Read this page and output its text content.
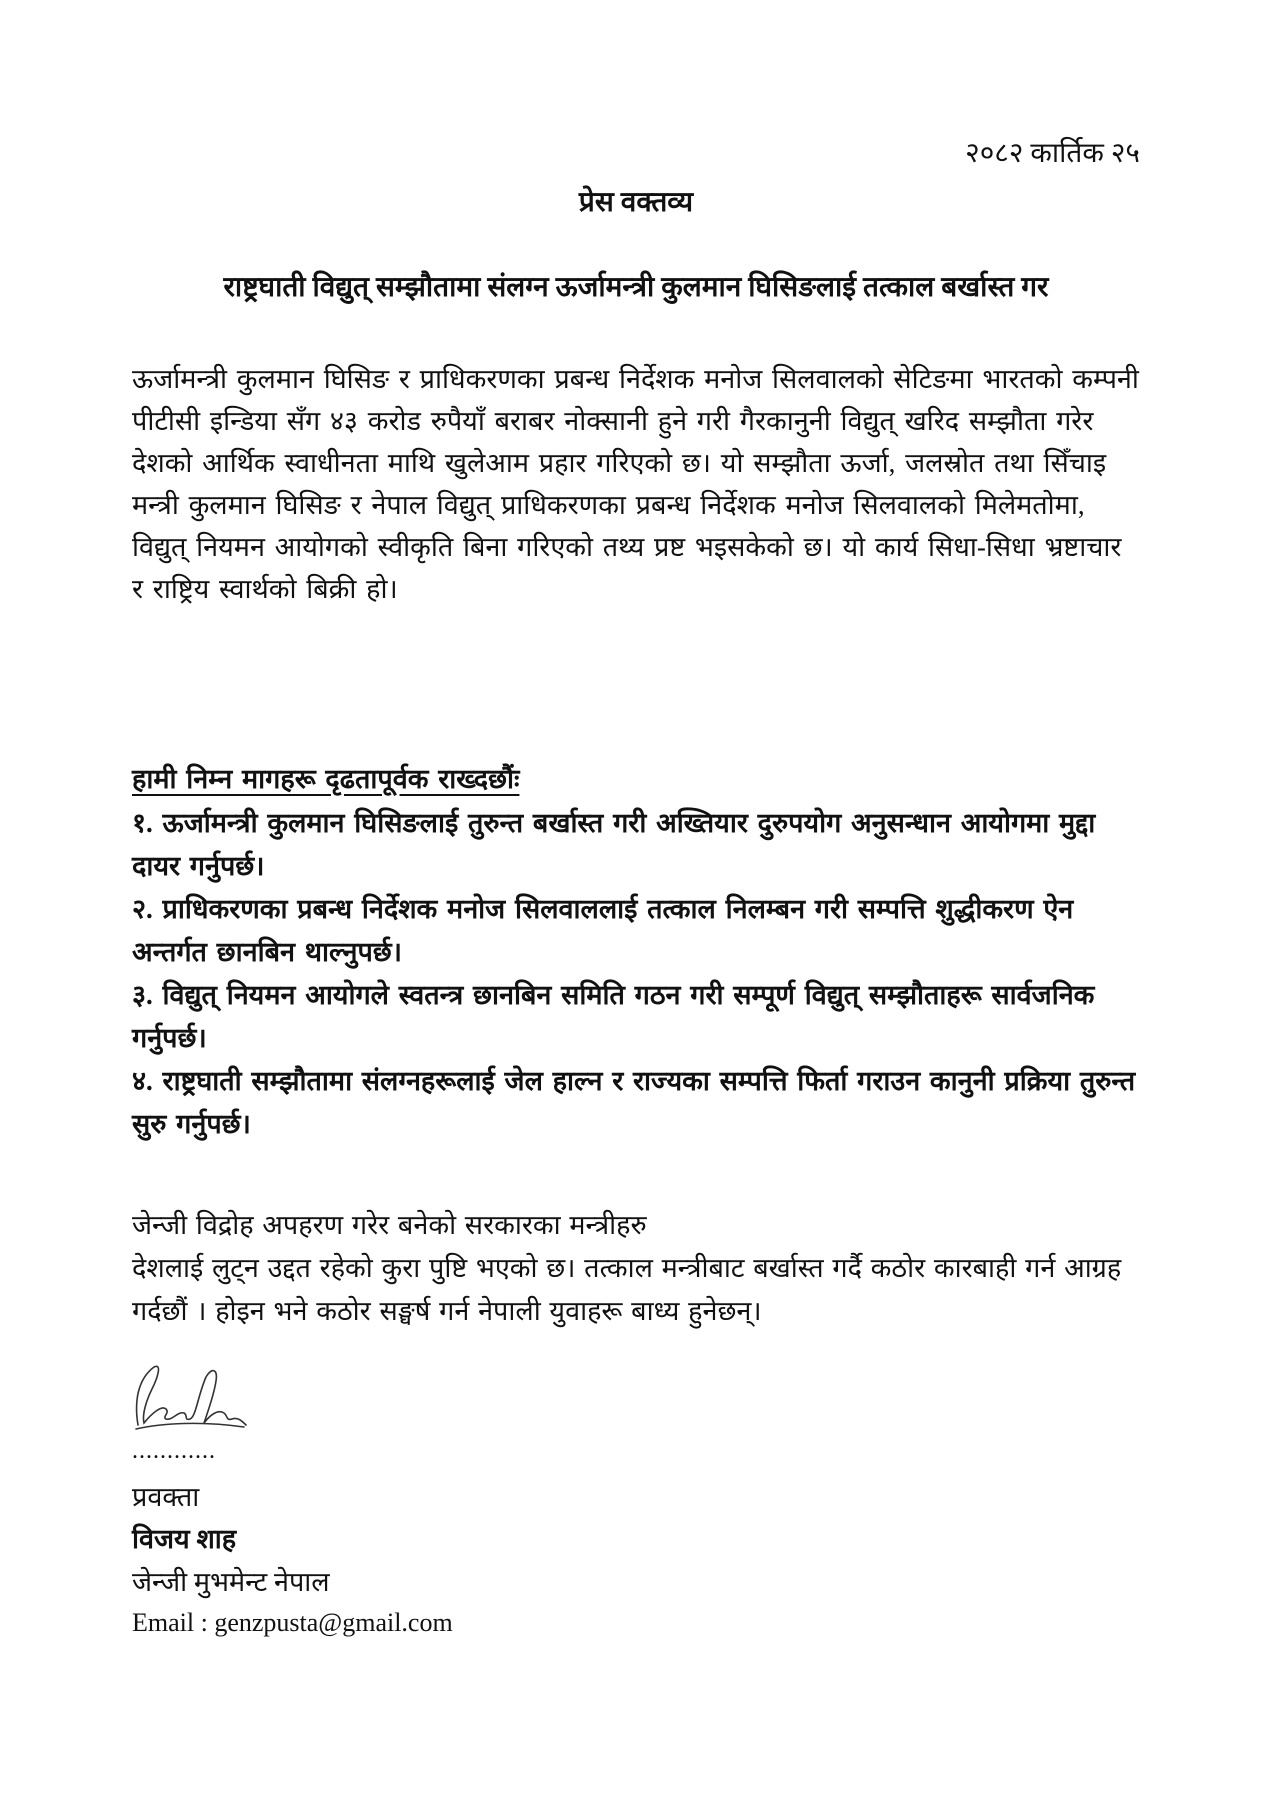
२०८२ कार्तिक २५
प्रेस वक्तव्य
राष्ट्रघाती विद्युत् सम्झौतामा संलग्न ऊर्जामन्त्री कुलमान घिसिङलाई तत्काल बर्खास्त गर
ऊर्जामन्त्री कुलमान घिसिङ र प्राधिकरणका प्रबन्ध निर्देशक मनोज सिलवालको सेटिङमा भारतको कम्पनी पीटीसी इन्डिया सँग ४३ करोड रुपैयाँ बराबर नोक्सानी हुने गरी गैरकानुनी विद्युत् खरिद सम्झौता गरेर देशको आर्थिक स्वाधीनता माथि खुलेआम प्रहार गरिएको छ। यो सम्झौता ऊर्जा, जलस्रोत तथा सिँचाइ मन्त्री कुलमान घिसिङ र नेपाल विद्युत् प्राधिकरणका प्रबन्ध निर्देशक मनोज सिलवालको मिलेमतोमा, विद्युत् नियमन आयोगको स्वीकृति बिना गरिएको तथ्य प्रष्ट भइसकेको छ। यो कार्य सिधा-सिधा भ्रष्टाचार र राष्ट्रिय स्वार्थको बिक्री हो।
हामी निम्न मागहरू दृढतापूर्वक राख्दछौंः
१. ऊर्जामन्त्री कुलमान घिसिङलाई तुरुन्त बर्खास्त गरी अख्तियार दुरुपयोग अनुसन्धान आयोगमा मुद्दा दायर गर्नुपर्छ।
२. प्राधिकरणका प्रबन्ध निर्देशक मनोज सिलवाललाई तत्काल निलम्बन गरी सम्पत्ति शुद्धीकरण ऐन अन्तर्गत छानबिन थाल्नुपर्छ।
३. विद्युत् नियमन आयोगले स्वतन्त्र छानबिन समिति गठन गरी सम्पूर्ण विद्युत् सम्झौताहरू सार्वजनिक गर्नुपर्छ।
४. राष्ट्रघाती सम्झौतामा संलग्नहरूलाई जेल हाल्न र राज्यका सम्पत्ति फिर्ता गराउन कानुनी प्रक्रिया तुरुन्त सुरु गर्नुपर्छ।
जेन्जी विद्रोह अपहरण गरेर बनेको सरकारका मन्त्रीहरु
देशलाई लुट्न उद्दत रहेको कुरा पुष्टि भएको छ। तत्काल मन्त्रीबाट बर्खास्त गर्दै कठोर कारबाही गर्न आग्रह गर्दछौं । होइन भने कठोर सङ्घर्ष गर्न नेपाली युवाहरू बाध्य हुनेछन्।
............
प्रवक्ता
विजय शाह
जेन्जी मुभमेन्ट नेपाल
Email : genzpusta@gmail.com
